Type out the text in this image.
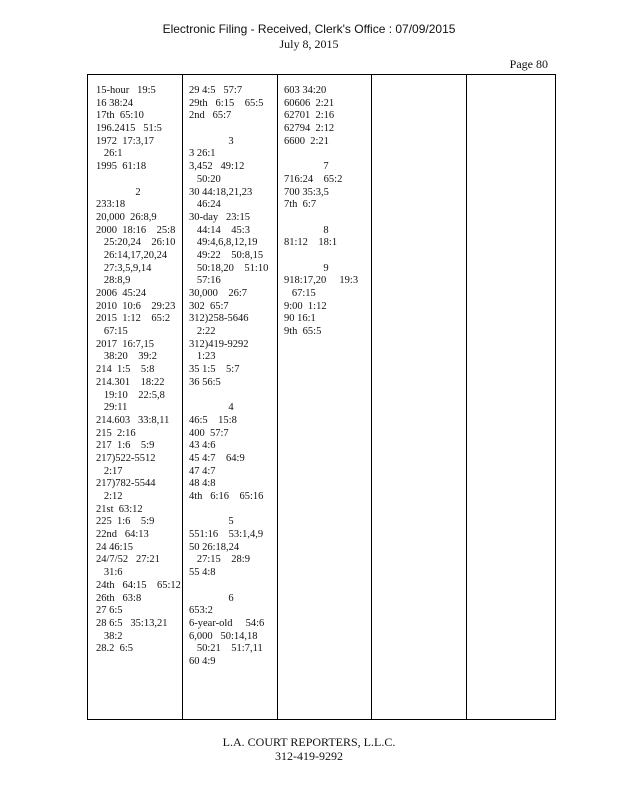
Electronic Filing - Received, Clerk's Office : 07/09/2015
July 8, 2015
Page 80
15-hour   19:5
16 38:24
17th  65:10
196.2415   51:5
1972  17:3,17
26:1
1995  61:18
2
233:18
20,000  26:8,9
2000  18:16    25:8
25:20,24    26:10
26:14,17,20,24
27:3,5,9,14
28:8,9
2006  45:24
2010  10:6    29:23
2015  1:12    65:2
67:15
2017  16:7,15
38:20    39:2
214  1:5    5:8
214.301    18:22
19:10    22:5,8
29:11
214.603   33:8,11
215  2:16
217  1:6    5:9
217)522-5512
2:17
217)782-5544
2:12
21st  63:12
225  1:6    5:9
22nd   64:13
24 46:15
24/7/52   27:21
31:6
24th   64:15    65:12
26th   63:8
27 6:5
28 6:5   35:13,21
38:2
28.2  6:5
29 4:5   57:7
29th   6:15    65:5
2nd   65:7
3
3 26:1
3,452   49:12
50:20
30 44:18,21,23
46:24
30-day   23:15
44:14    45:3
49:4,6,8,12,19
49:22    50:8,15
50:18,20    51:10
57:16
30,000    26:7
302  65:7
312)258-5646
2:22
312)419-9292
1:23
35 1:5    5:7
36 56:5
4
46:5    15:8
400  57:7
43 4:6
45 4:7    64:9
47 4:7
48 4:8
4th   6:16    65:16
5
551:16    53:1,4,9
50 26:18,24
27:15    28:9
55 4:8
6
653:2
6-year-old     54:6
6,000   50:14,18
50:21    51:7,11
60 4:9
603 34:20
60606  2:21
62701  2:16
62794  2:12
6600  2:21
7
716:24    65:2
700 35:3,5
7th  6:7
8
81:12    18:1
9
918:17,20     19:3
67:15
9:00  1:12
90 16:1
9th  65:5
L.A. COURT REPORTERS, L.L.C.
312-419-9292
